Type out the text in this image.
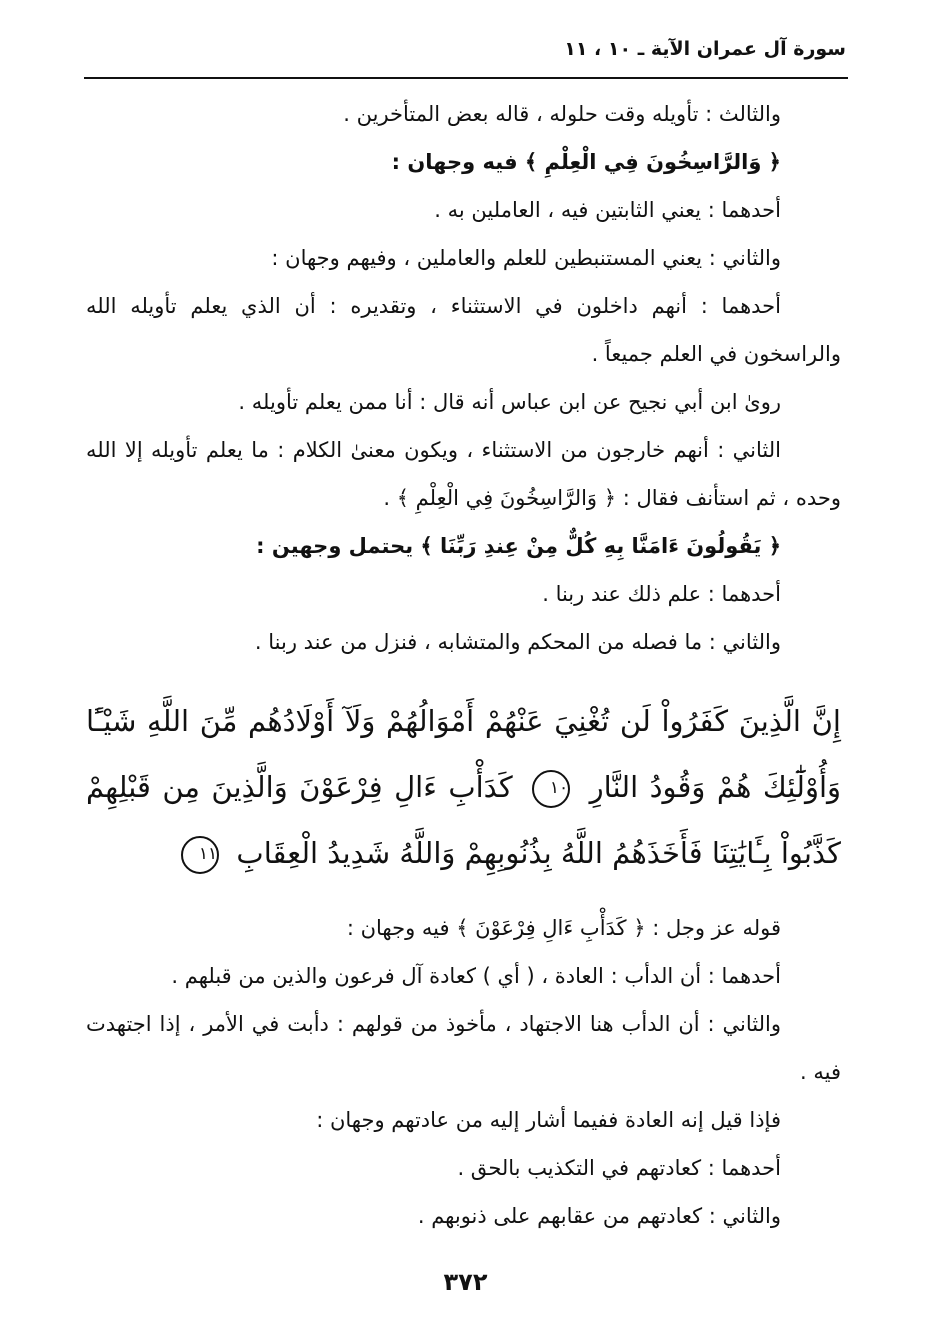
سورة آل عمران الآية ـ ١٠ ، ١١

والثالث : تأويله وقت حلوله ، قاله بعض المتأخرين .

﴿ وَالرَّاسِخُونَ فِي الْعِلْمِ ﴾ فيه وجهان :

أحدهما : يعني الثابتين فيه ، العاملين به .

والثاني : يعني المستنبطين للعلم والعاملين ، وفيهم وجهان :

أحدهما : أنهم داخلون في الاستثناء ، وتقديره : أن الذي يعلم تأويله الله والراسخون في العلم جميعاً .

روىٰ ابن أبي نجيح عن ابن عباس أنه قال : أنا ممن يعلم تأويله .

الثاني : أنهم خارجون من الاستثناء ، ويكون معنىٰ الكلام : ما يعلم تأويله إلا الله وحده ، ثم استأنف فقال : ﴿ وَالرَّاسِخُونَ فِي الْعِلْمِ ﴾ .

﴿ يَقُولُونَ ءَامَنَّا بِهِ كُلٌّ مِنْ عِندِ رَبِّنَا ﴾ يحتمل وجهين :

أحدهما : علم ذلك عند ربنا .

والثاني : ما فصله من المحكم والمتشابه ، فنزل من عند ربنا .

إِنَّ الَّذِينَ كَفَرُواْ لَن تُغْنِيَ عَنْهُمْ أَمْوَالُهُمْ وَلَآ أَوْلَادُهُم مِّنَ اللَّهِ شَيْـًٔا وَأُوْلَٰٓئِكَ هُمْ وَقُودُ النَّارِ ١٠ كَدَأْبِ ءَالِ فِرْعَوْنَ وَالَّذِينَ مِن قَبْلِهِمْ كَذَّبُواْ بِـَٔايَٰتِنَا فَأَخَذَهُمُ اللَّهُ بِذُنُوبِهِمْ وَاللَّهُ شَدِيدُ الْعِقَابِ ١١

قوله عز وجل : ﴿ كَدَأْبِ ءَالِ فِرْعَوْنَ ﴾ فيه وجهان :

أحدهما : أن الدأب : العادة ، ( أي ) كعادة آل فرعون والذين من قبلهم .

والثاني : أن الدأب هنا الاجتهاد ، مأخوذ من قولهم : دأبت في الأمر ، إذا اجتهدت فيه .

فإذا قيل إنه العادة ففيما أشار إليه من عادتهم وجهان :

أحدهما : كعادتهم في التكذيب بالحق .

والثاني : كعادتهم من عقابهم على ذنوبهم .

٣٧٢
